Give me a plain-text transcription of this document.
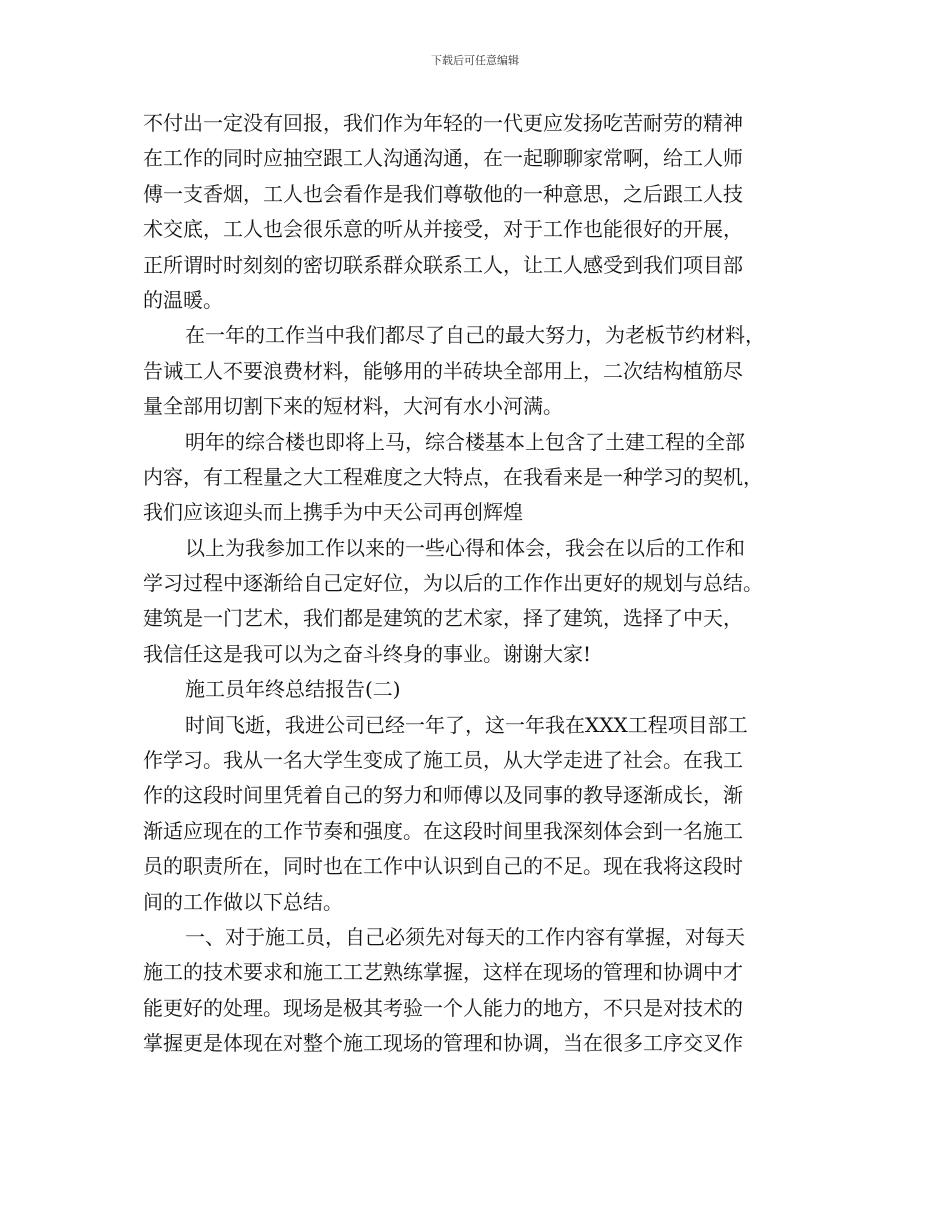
下载后可任意编辑
不付出一定没有回报，我们作为年轻的一代更应发扬吃苦耐劳的精神
在工作的同时应抽空跟工人沟通沟通，在一起聊聊家常啊，给工人师
傅一支香烟，工人也会看作是我们尊敬他的一种意思，之后跟工人技
术交底，工人也会很乐意的听从并接受，对于工作也能很好的开展，
正所谓时时刻刻的密切联系群众联系工人，让工人感受到我们项目部
的温暖。
在一年的工作当中我们都尽了自己的最大努力，为老板节约材料，
告诫工人不要浪费材料，能够用的半砖块全部用上，二次结构植筋尽
量全部用切割下来的短材料，大河有水小河满。
明年的综合楼也即将上马，综合楼基本上包含了土建工程的全部
内容，有工程量之大工程难度之大特点，在我看来是一种学习的契机，
我们应该迎头而上携手为中天公司再创辉煌
以上为我参加工作以来的一些心得和体会，我会在以后的工作和
学习过程中逐渐给自己定好位，为以后的工作作出更好的规划与总结。
建筑是一门艺术，我们都是建筑的艺术家，择了建筑，选择了中天，
我信任这是我可以为之奋斗终身的事业。谢谢大家!
施工员年终总结报告(二)
时间飞逝，我进公司已经一年了，这一年我在XXX工程项目部工
作学习。我从一名大学生变成了施工员，从大学走进了社会。在我工
作的这段时间里凭着自己的努力和师傅以及同事的教导逐渐成长，渐
渐适应现在的工作节奏和强度。在这段时间里我深刻体会到一名施工
员的职责所在，同时也在工作中认识到自己的不足。现在我将这段时
间的工作做以下总结。
一、对于施工员，自己必须先对每天的工作内容有掌握，对每天
施工的技术要求和施工工艺熟练掌握，这样在现场的管理和协调中才
能更好的处理。现场是极其考验一个人能力的地方，不只是对技术的
掌握更是体现在对整个施工现场的管理和协调，当在很多工序交叉作
